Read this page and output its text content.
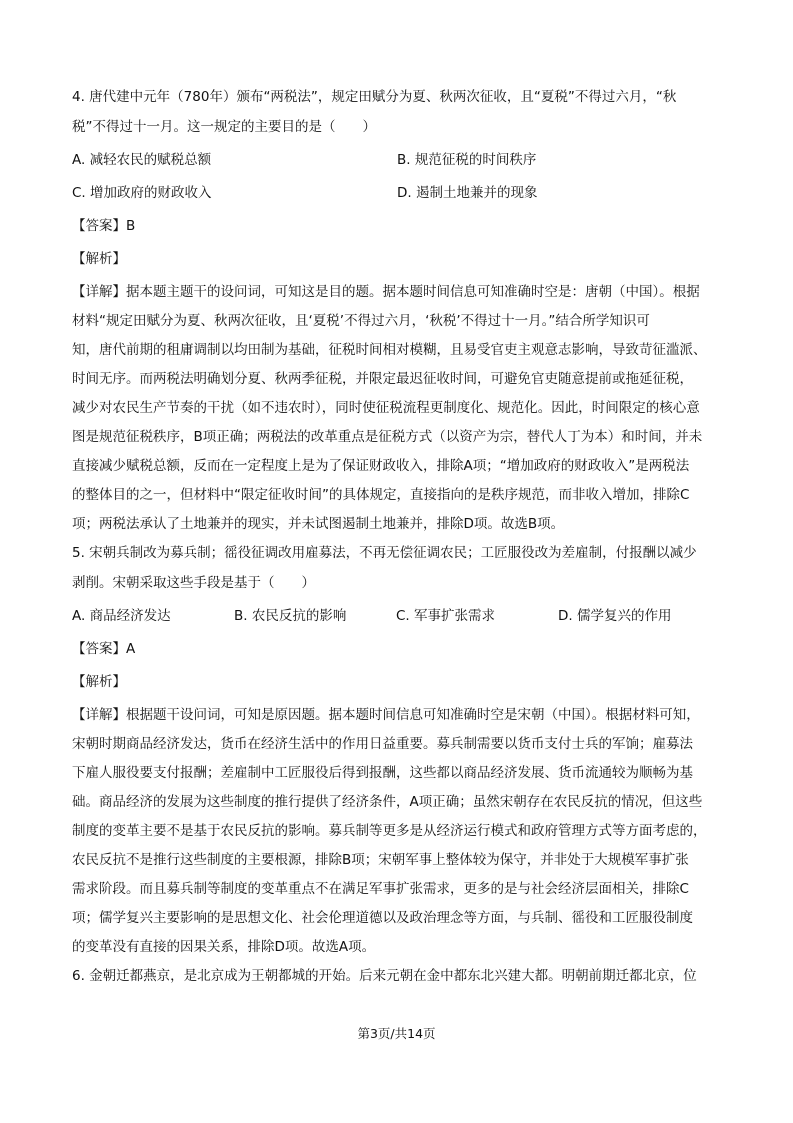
4. 唐代建中元年（780年）颁布“两税法”，规定田赋分为夏、秋两次征收，且“夏税”不得过六月，“秋
税”不得过十一月。这一规定的主要目的是（　　）
A. 减轻农民的赋税总额	B. 规范征税的时间秩序
C. 增加政府的财政收入	D. 遏制土地兼并的现象
【答案】B
【解析】
【详解】据本题主题干的设问词，可知这是目的题。据本题时间信息可知准确时空是：唐朝（中国）。根据
材料“规定田赋分为夏、秋两次征收，且‘夏税’不得过六月，‘秋税’不得过十一月。”结合所学知识可
知，唐代前期的租庸调制以均田制为基础，征税时间相对模糊，且易受官吏主观意志影响，导致苛征滥派、
时间无序。而两税法明确划分夏、秋两季征税，并限定最迟征收时间，可避免官吏随意提前或拖延征税，
减少对农民生产节奏的干扰（如不违农时），同时使征税流程更制度化、规范化。因此，时间限定的核心意
图是规范征税秩序，B项正确；两税法的改革重点是征税方式（以资产为宗，替代人丁为本）和时间，并未
直接减少赋税总额，反而在一定程度上是为了保证财政收入，排除A项；“增加政府的财政收入”是两税法
的整体目的之一，但材料中“限定征收时间”的具体规定，直接指向的是秩序规范，而非收入增加，排除C
项；两税法承认了土地兼并的现实，并未试图遏制土地兼并，排除D项。故选B项。
5. 宋朝兵制改为募兵制；徭役征调改用雇募法，不再无偿征调农民；工匠服役改为差雇制，付报酬以减少
剥削。宋朝采取这些手段是基于（　　）
A. 商品经济发达	B. 农民反抗的影响	C. 军事扩张需求	D. 儒学复兴的作用
【答案】A
【解析】
【详解】根据题干设问词，可知是原因题。据本题时间信息可知准确时空是宋朝（中国）。根据材料可知，
宋朝时期商品经济发达，货币在经济生活中的作用日益重要。募兵制需要以货币支付士兵的军饷；雇募法
下雇人服役要支付报酬；差雇制中工匠服役后得到报酬，这些都以商品经济发展、货币流通较为顺畅为基
础。商品经济的发展为这些制度的推行提供了经济条件，A项正确；虽然宋朝存在农民反抗的情况，但这些
制度的变革主要不是基于农民反抗的影响。募兵制等更多是从经济运行模式和政府管理方式等方面考虑的，
农民反抗不是推行这些制度的主要根源，排除B项；宋朝军事上整体较为保守，并非处于大规模军事扩张
需求阶段。而且募兵制等制度的变革重点不在满足军事扩张需求，更多的是与社会经济层面相关，排除C
项；儒学复兴主要影响的是思想文化、社会伦理道德以及政治理念等方面，与兵制、徭役和工匠服役制度
的变革没有直接的因果关系，排除D项。故选A项。
6. 金朝迁都燕京，是北京成为王朝都城的开始。后来元朝在金中都东北兴建大都。明朝前期迁都北京，位
第3页/共14页
